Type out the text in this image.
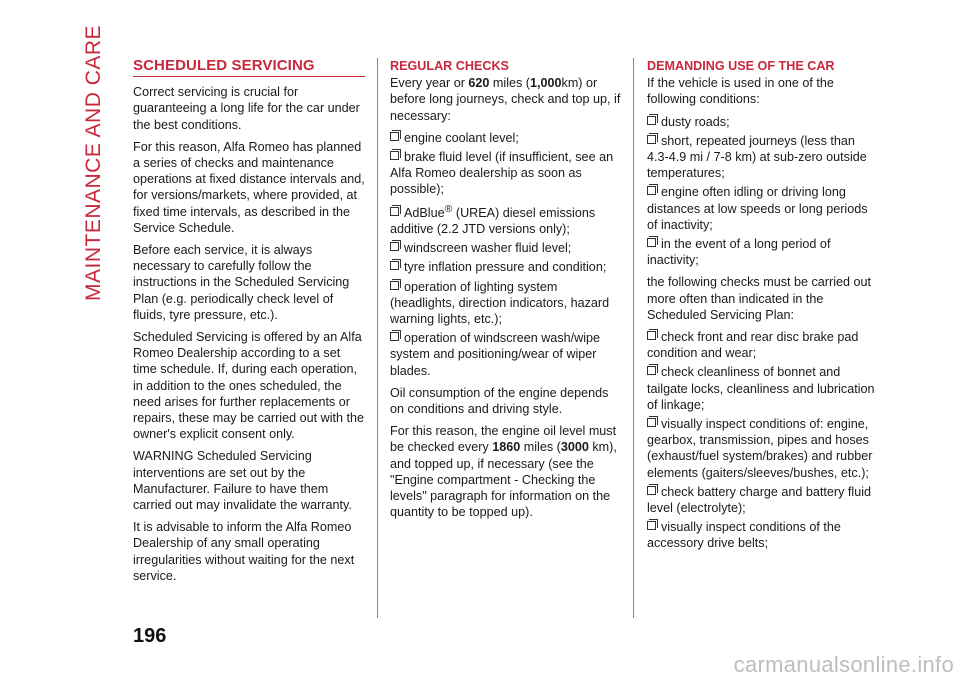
MAINTENANCE AND CARE	SCHEDULED SERVICING

Correct servicing is crucial for guaranteeing a long life for the car under the best conditions.

For this reason, Alfa Romeo has planned a series of checks and maintenance operations at fixed distance intervals and, for versions/markets, where provided, at fixed time intervals, as described in the Service Schedule.

Before each service, it is always necessary to carefully follow the instructions in the Scheduled Servicing Plan (e.g. periodically check level of fluids, tyre pressure, etc.).

Scheduled Servicing is offered by an Alfa Romeo Dealership according to a set time schedule. If, during each operation, in addition to the ones scheduled, the need arises for further replacements or repairs, these may be carried out with the owner's explicit consent only.

WARNING Scheduled Servicing interventions are set out by the Manufacturer. Failure to have them carried out may invalidate the warranty.

It is advisable to inform the Alfa Romeo Dealership of any small operating irregularities without waiting for the next service.

REGULAR CHECKS

Every year or 620 miles (1,000km) or before long journeys, check and top up, if necessary:

engine coolant level;
brake fluid level (if insufficient, see an Alfa Romeo dealership as soon as possible);
AdBlue® (UREA) diesel emissions additive (2.2 JTD versions only);
windscreen washer fluid level;
tyre inflation pressure and condition;
operation of lighting system (headlights, direction indicators, hazard warning lights, etc.);
operation of windscreen wash/wipe system and positioning/wear of wiper blades.

Oil consumption of the engine depends on conditions and driving style.

For this reason, the engine oil level must be checked every 1860 miles (3000 km), and topped up, if necessary (see the "Engine compartment - Checking the levels" paragraph for information on the quantity to be topped up).

DEMANDING USE OF THE CAR

If the vehicle is used in one of the following conditions:

dusty roads;
short, repeated journeys (less than 4.3-4.9 mi / 7-8 km) at sub-zero outside temperatures;
engine often idling or driving long distances at low speeds or long periods of inactivity;
in the event of a long period of inactivity;

the following checks must be carried out more often than indicated in the Scheduled Servicing Plan:

check front and rear disc brake pad condition and wear;
check cleanliness of bonnet and tailgate locks, cleanliness and lubrication of linkage;
visually inspect conditions of: engine, gearbox, transmission, pipes and hoses (exhaust/fuel system/brakes) and rubber elements (gaiters/sleeves/bushes, etc.);
check battery charge and battery fluid level (electrolyte);
visually inspect conditions of the accessory drive belts;
196
carmanualsonline.info
